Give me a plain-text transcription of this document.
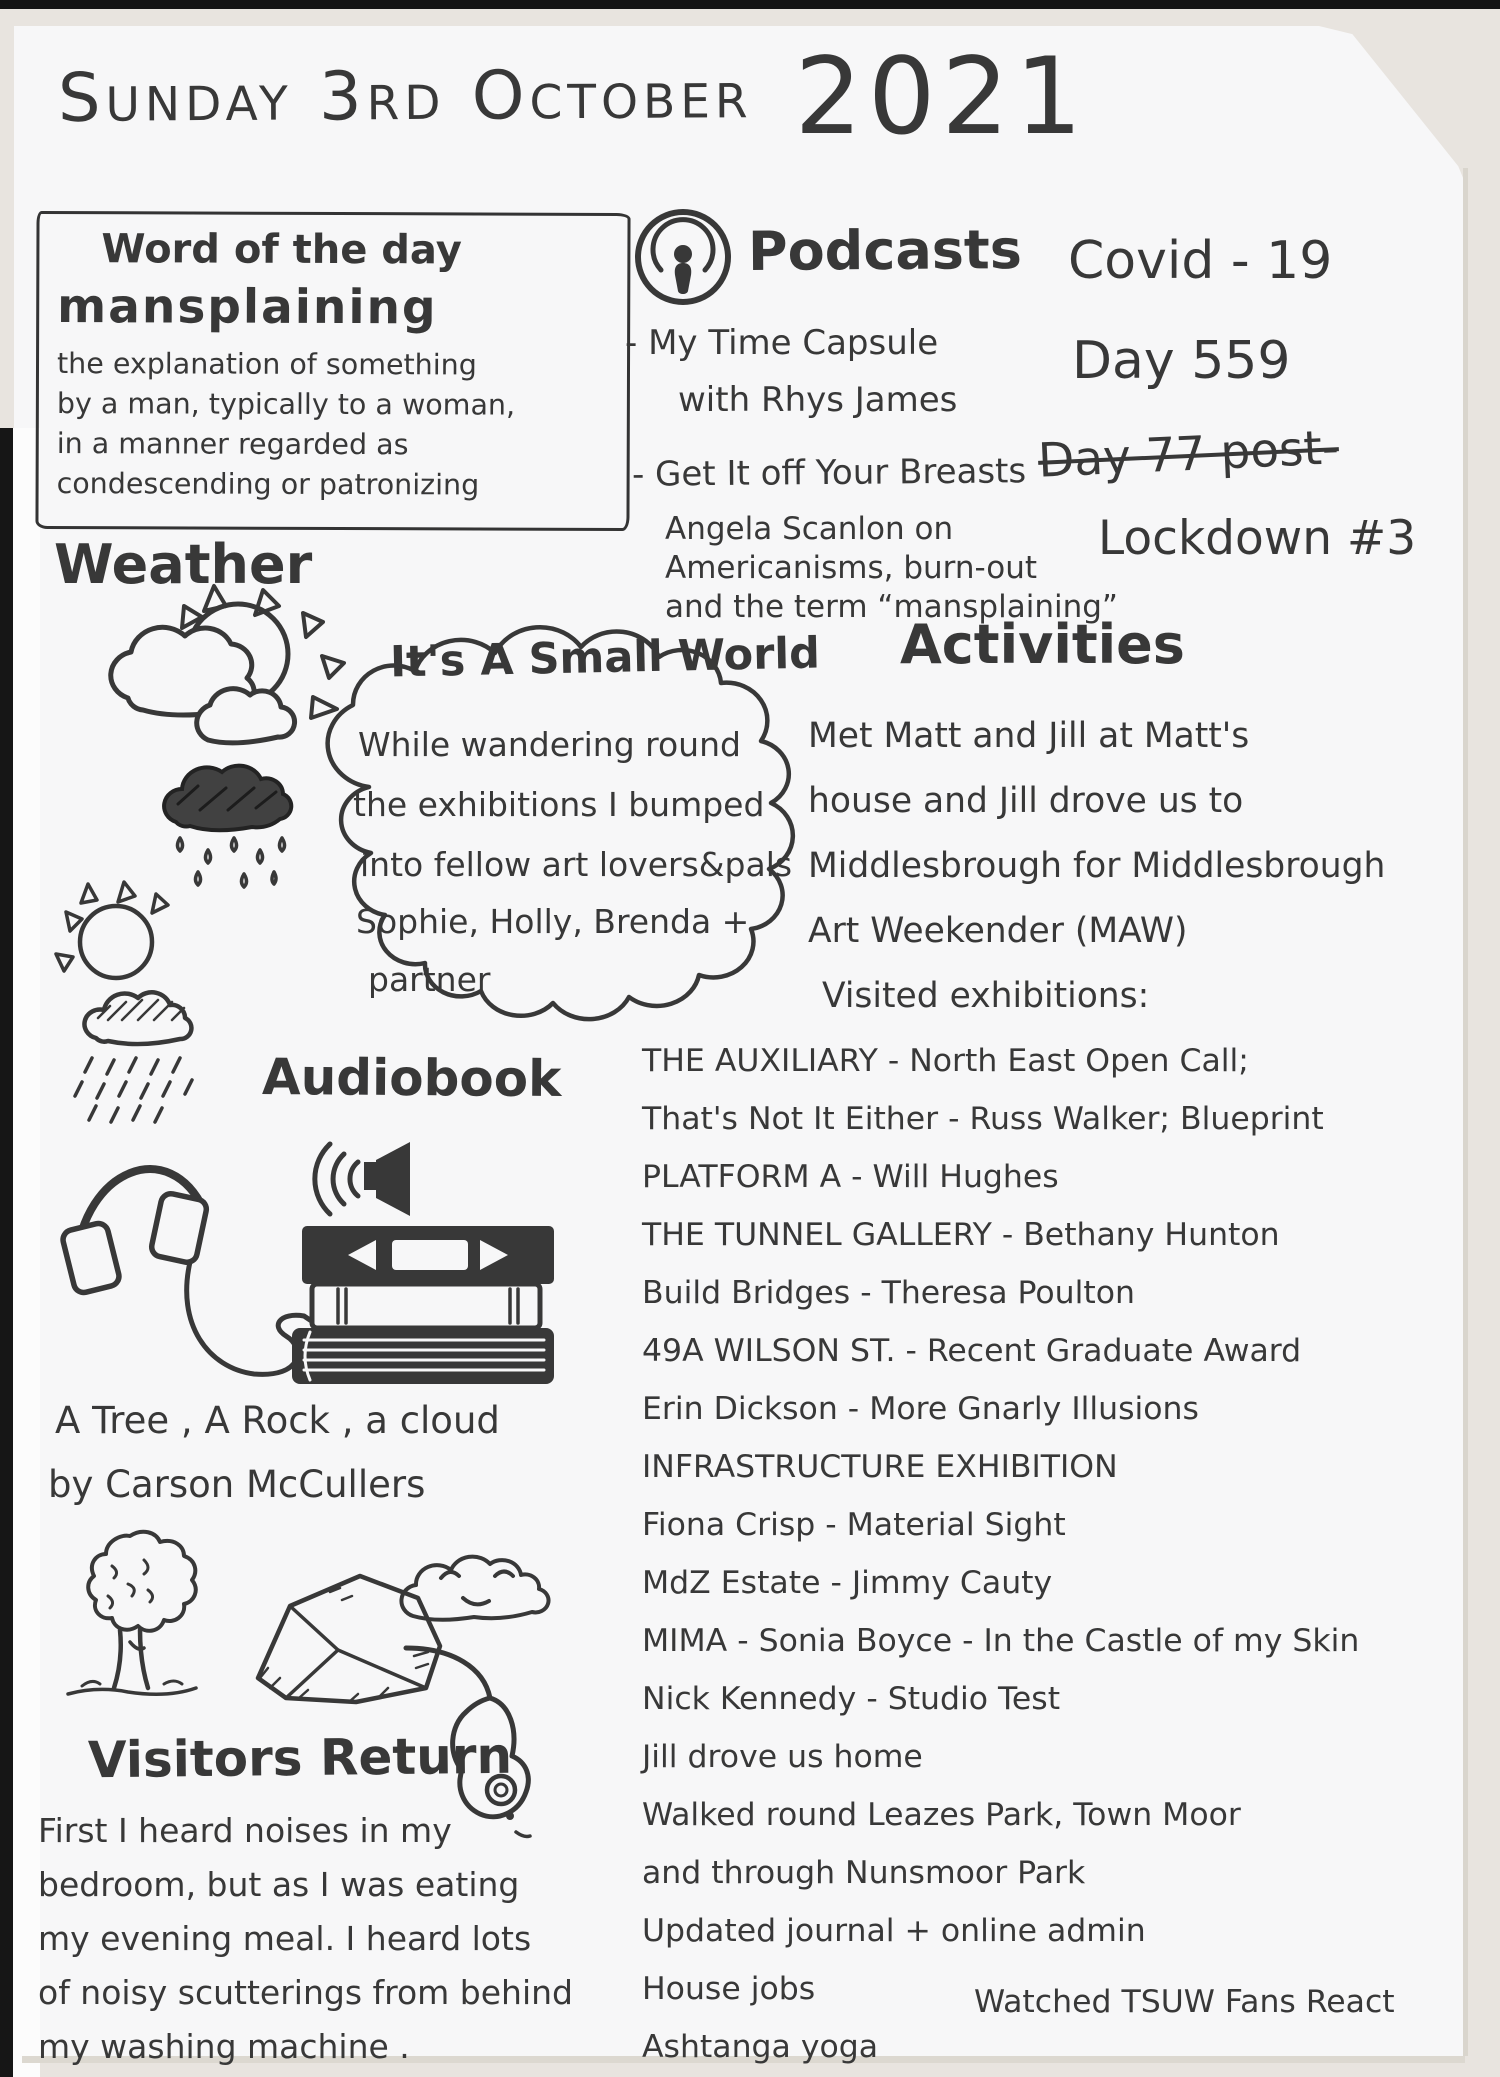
Sunday 3rd October 2021
Word of the day
mansplaining
the explanation of something
by a man, typically to a woman,
in a manner regarded as
condescending or patronizing
Podcasts
- My Time Capsule
with Rhys James
- Get It off Your Breasts
Angela Scanlon on
Americanisms, burn-out
and the term “mansplaining”
Covid - 19
Day 559
Day 77 post-
Lockdown #3
Weather
It's A Small World
While wandering round
the exhibitions I bumped
into fellow art lovers&pals
Sophie, Holly, Brenda +
partner
Activities
Met Matt and Jill at Matt's
house and Jill drove us to
Middlesbrough for Middlesbrough
Art Weekender (MAW)
Visited exhibitions:
THE AUXILIARY - North East Open Call;
That's Not It Either - Russ Walker; Blueprint
PLATFORM A - Will Hughes
THE TUNNEL GALLERY - Bethany Hunton
Build Bridges - Theresa Poulton
49A WILSON ST. - Recent Graduate Award
Erin Dickson - More Gnarly Illusions
INFRASTRUCTURE EXHIBITION
Fiona Crisp - Material Sight
MdZ Estate - Jimmy Cauty
MIMA - Sonia Boyce - In the Castle of my Skin
Nick Kennedy - Studio Test
Jill drove us home
Walked round Leazes Park, Town Moor
and through Nunsmoor Park
Updated journal + online admin
House jobs
Ashtanga yoga
Watched TSUW Fans React
Audiobook
A Tree , A Rock , a cloud
by Carson McCullers
Visitors Return
First I heard noises in my
bedroom, but as I was eating
my evening meal. I heard lots
of noisy scutterings from behind
my washing machine .
